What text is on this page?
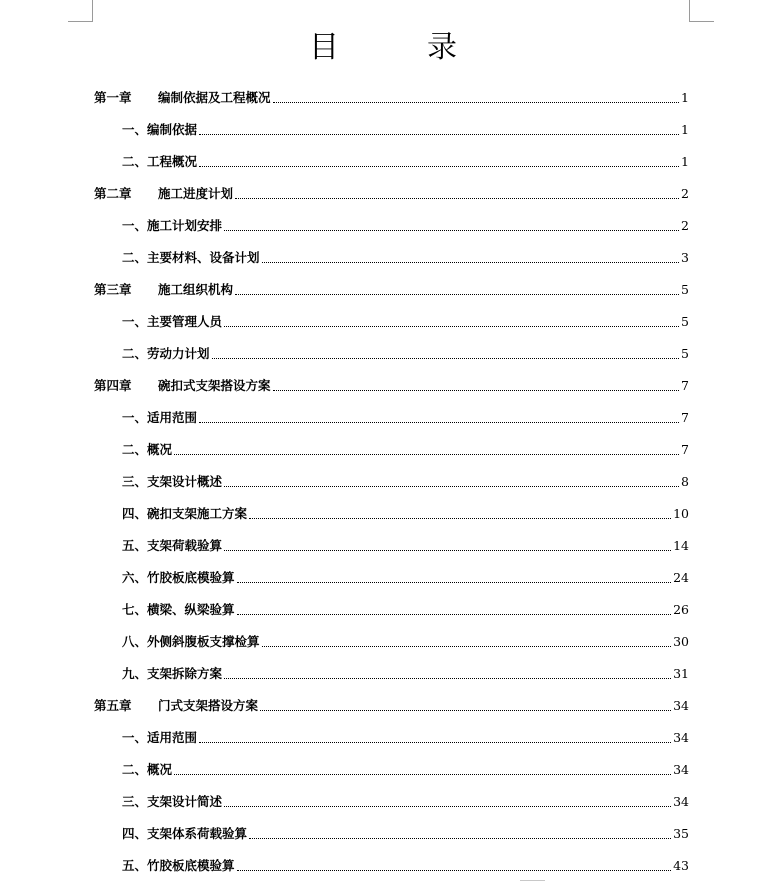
目	录
第一章	编制依据及工程概况	1
一、编制依据	1
二、工程概况	1
第二章	施工进度计划	2
一、施工计划安排	2
二、主要材料、设备计划	3
第三章	施工组织机构	5
一、主要管理人员	5
二、劳动力计划	5
第四章	碗扣式支架搭设方案	7
一、适用范围	7
二、概况	7
三、支架设计概述	8
四、碗扣支架施工方案	10
五、支架荷载验算	14
六、竹胶板底模验算	24
七、横梁、纵梁验算	26
八、外侧斜腹板支撑检算	30
九、支架拆除方案	31
第五章	门式支架搭设方案	34
一、适用范围	34
二、概况	34
三、支架设计简述	34
四、支架体系荷载验算	35
五、竹胶板底模验算	43
